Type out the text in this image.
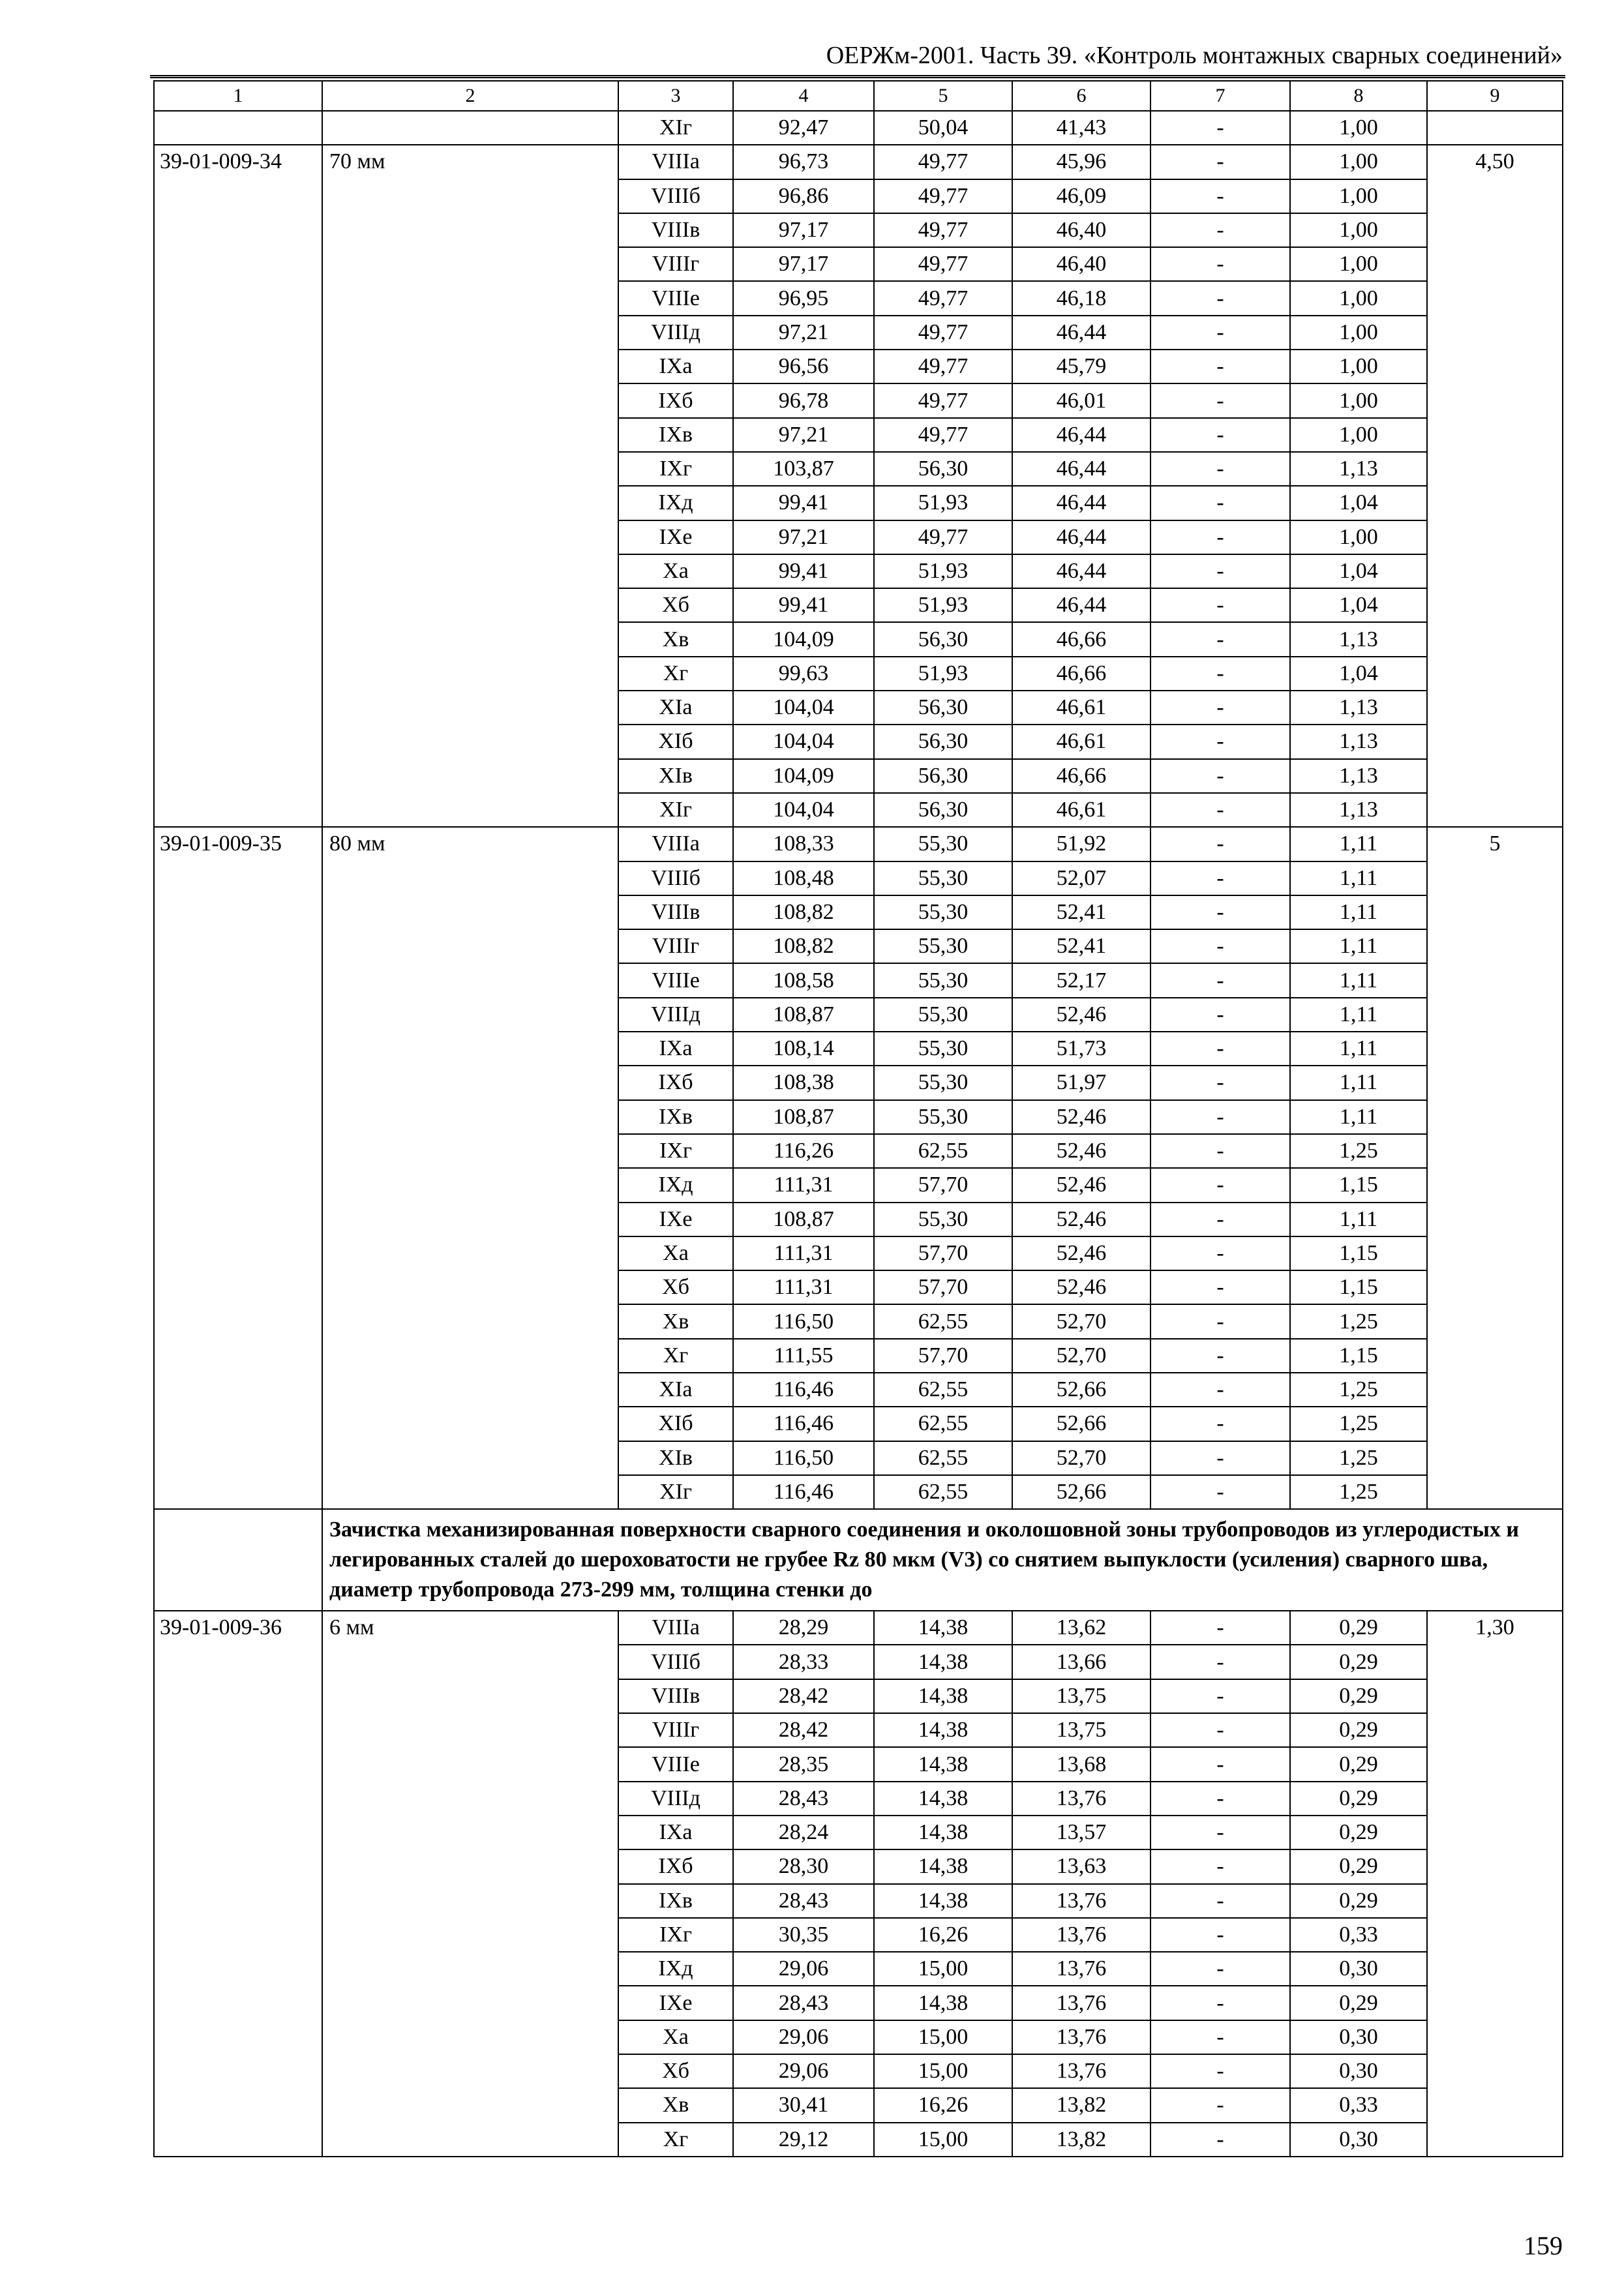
ОЕРЖм-2001. Часть 39. «Контроль монтажных сварных соединений»
1	2	3	4	5	6	7	8	9
		XIг	92,47	50,04	41,43	-	1,00	
39-01-009-34	70 мм	VIIIа	96,73	49,77	45,96	-	1,00	4,50
		VIIIб	96,86	49,77	46,09	-	1,00	
		VIIIв	97,17	49,77	46,40	-	1,00	
		VIIIг	97,17	49,77	46,40	-	1,00	
		VIIIе	96,95	49,77	46,18	-	1,00	
		VIIIд	97,21	49,77	46,44	-	1,00	
		IXа	96,56	49,77	45,79	-	1,00	
		IXб	96,78	49,77	46,01	-	1,00	
		IXв	97,21	49,77	46,44	-	1,00	
		IXг	103,87	56,30	46,44	-	1,13	
		IXд	99,41	51,93	46,44	-	1,04	
		IXе	97,21	49,77	46,44	-	1,00	
		Xа	99,41	51,93	46,44	-	1,04	
		Xб	99,41	51,93	46,44	-	1,04	
		Xв	104,09	56,30	46,66	-	1,13	
		Xг	99,63	51,93	46,66	-	1,04	
		XIа	104,04	56,30	46,61	-	1,13	
		XIб	104,04	56,30	46,61	-	1,13	
		XIв	104,09	56,30	46,66	-	1,13	
		XIг	104,04	56,30	46,61	-	1,13	
39-01-009-35	80 мм	VIIIа	108,33	55,30	51,92	-	1,11	5
		VIIIб	108,48	55,30	52,07	-	1,11	
		VIIIв	108,82	55,30	52,41	-	1,11	
		VIIIг	108,82	55,30	52,41	-	1,11	
		VIIIе	108,58	55,30	52,17	-	1,11	
		VIIIд	108,87	55,30	52,46	-	1,11	
		IXа	108,14	55,30	51,73	-	1,11	
		IXб	108,38	55,30	51,97	-	1,11	
		IXв	108,87	55,30	52,46	-	1,11	
		IXг	116,26	62,55	52,46	-	1,25	
		IXд	111,31	57,70	52,46	-	1,15	
		IXе	108,87	55,30	52,46	-	1,11	
		Xа	111,31	57,70	52,46	-	1,15	
		Xб	111,31	57,70	52,46	-	1,15	
		Xв	116,50	62,55	52,70	-	1,25	
		Xг	111,55	57,70	52,70	-	1,15	
		XIа	116,46	62,55	52,66	-	1,25	
		XIб	116,46	62,55	52,66	-	1,25	
		XIв	116,50	62,55	52,70	-	1,25	
		XIг	116,46	62,55	52,66	-	1,25	
	Зачистка механизированная поверхности сварного соединения и околошовной зоны трубопроводов из углеродистых и легированных сталей до шероховатости не грубее Rz 80 мкм (V3) со снятием выпуклости (усиления) сварного шва, диаметр трубопровода 273-299 мм, толщина стенки до							
39-01-009-36	6 мм	VIIIа	28,29	14,38	13,62	-	0,29	1,30
		VIIIб	28,33	14,38	13,66	-	0,29	
		VIIIв	28,42	14,38	13,75	-	0,29	
		VIIIг	28,42	14,38	13,75	-	0,29	
		VIIIе	28,35	14,38	13,68	-	0,29	
		VIIIд	28,43	14,38	13,76	-	0,29	
		IXа	28,24	14,38	13,57	-	0,29	
		IXб	28,30	14,38	13,63	-	0,29	
		IXв	28,43	14,38	13,76	-	0,29	
		IXг	30,35	16,26	13,76	-	0,33	
		IXд	29,06	15,00	13,76	-	0,30	
		IXе	28,43	14,38	13,76	-	0,29	
		Xа	29,06	15,00	13,76	-	0,30	
		Xб	29,06	15,00	13,76	-	0,30	
		Xв	30,41	16,26	13,82	-	0,33	
		Xг	29,12	15,00	13,82	-	0,30	
159
